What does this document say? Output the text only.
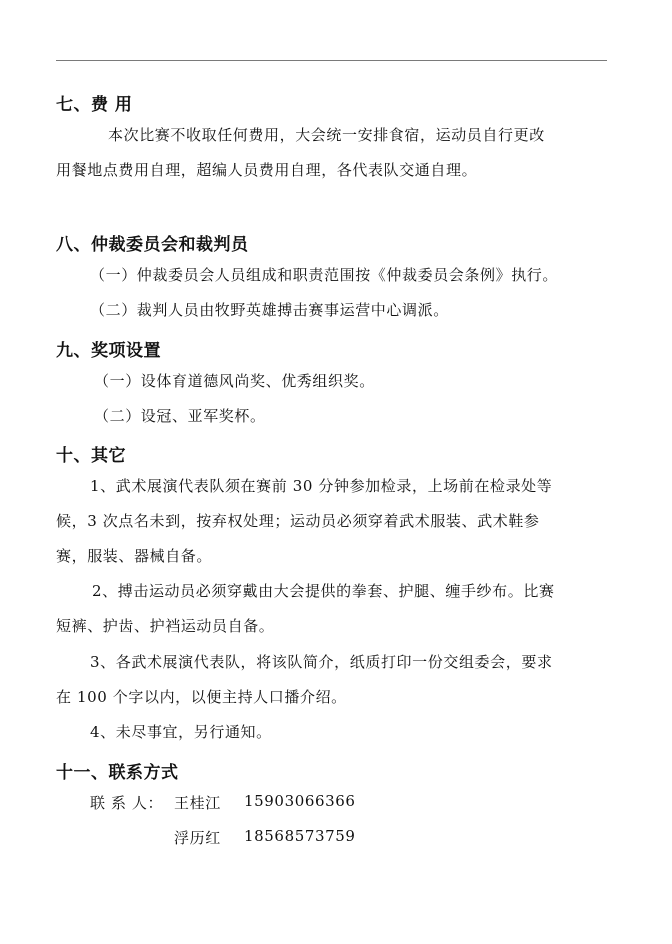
七、费 用
本次比赛不收取任何费用，大会统一安排食宿，运动员自行更改
用餐地点费用自理，超编人员费用自理，各代表队交通自理。
八、仲裁委员会和裁判员
（一）仲裁委员会人员组成和职责范围按《仲裁委员会条例》执行。
（二）裁判人员由牧野英雄搏击赛事运营中心调派。
九、奖项设置
（一）设体育道德风尚奖、优秀组织奖。
（二）设冠、亚军奖杯。
十、其它
1、武术展演代表队须在赛前 30 分钟参加检录，上场前在检录处等
候，3 次点名未到，按弃权处理；运动员必须穿着武术服装、武术鞋参
赛，服装、器械自备。
2、搏击运动员必须穿戴由大会提供的拳套、护腿、缠手纱布。比赛
短裤、护齿、护裆运动员自备。
3、各武术展演代表队，将该队简介，纸质打印一份交组委会，要求
在 100 个字以内，以便主持人口播介绍。
4、未尽事宜，另行通知。
十一、联系方式
联 系 人： 王桂江 15903066366
浮历红 18568573759
